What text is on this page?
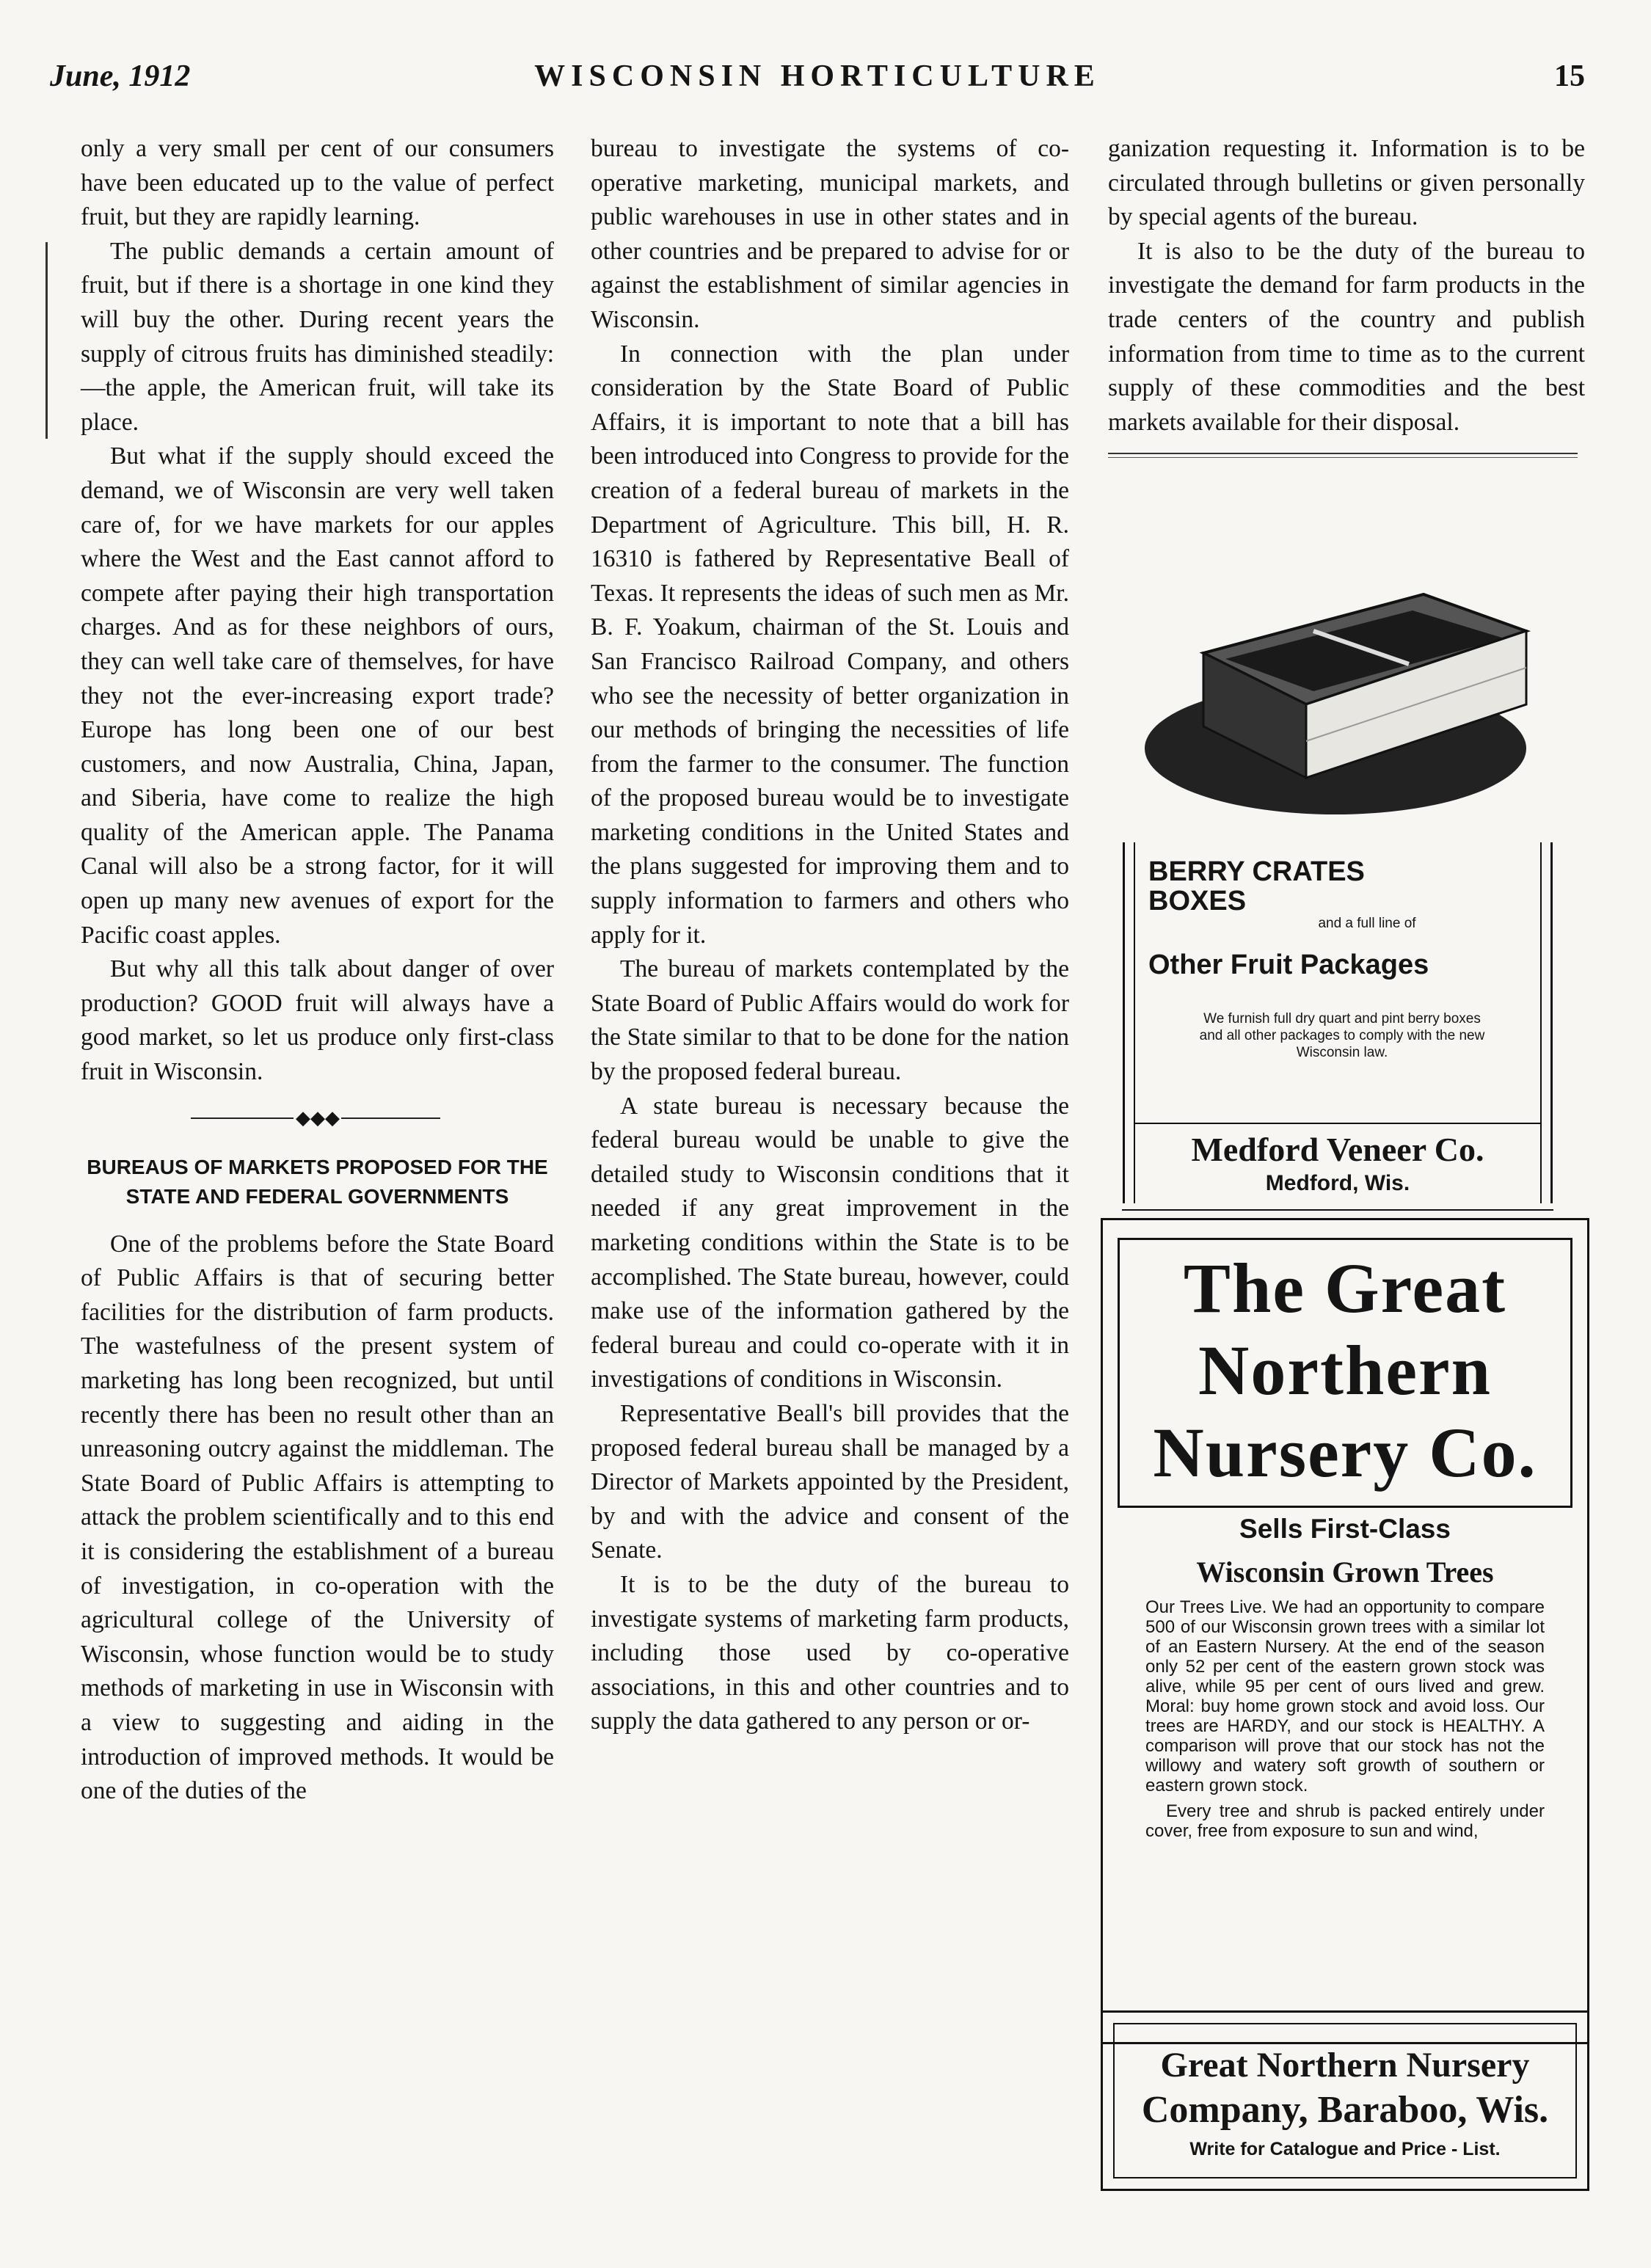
June, 1912	WISCONSIN HORTICULTURE	15

only a very small per cent of our consumers have been educated up to the value of perfect fruit, but they are rapidly learning.

The public demands a certain amount of fruit, but if there is a shortage in one kind they will buy the other. During recent years the supply of citrous fruits has diminished steadily:—the apple, the American fruit, will take its place.

But what if the supply should exceed the demand, we of Wisconsin are very well taken care of, for we have markets for our apples where the West and the East cannot afford to compete after paying their high transportation charges. And as for these neighbors of ours, they can well take care of themselves, for have they not the ever-increasing export trade? Europe has long been one of our best customers, and now Australia, China, Japan, and Siberia, have come to realize the high quality of the American apple. The Panama Canal will also be a strong factor, for it will open up many new avenues of export for the Pacific coast apples.

But why all this talk about danger of over production? GOOD fruit will always have a good market, so let us produce only first-class fruit in Wisconsin.

◆◆◆
BUREAUS OF MARKETS PROPOSED FOR THE STATE AND FEDERAL GOVERNMENTS

One of the problems before the State Board of Public Affairs is that of securing better facilities for the distribution of farm products. The wastefulness of the present system of marketing has long been recognized, but until recently there has been no result other than an unreasoning outcry against the middleman. The State Board of Public Affairs is attempting to attack the problem scientifically and to this end it is considering the establishment of a bureau of investigation, in co-operation with the agricultural college of the University of Wisconsin, whose function would be to study methods of marketing in use in Wisconsin with a view to suggesting and aiding in the introduction of improved methods. It would be one of the duties of the

bureau to investigate the systems of co-operative marketing, municipal markets, and public warehouses in use in other states and in other countries and be prepared to advise for or against the establishment of similar agencies in Wisconsin.

In connection with the plan under consideration by the State Board of Public Affairs, it is important to note that a bill has been introduced into Congress to provide for the creation of a federal bureau of markets in the Department of Agriculture. This bill, H. R. 16310 is fathered by Representative Beall of Texas. It represents the ideas of such men as Mr. B. F. Yoakum, chairman of the St. Louis and San Francisco Railroad Company, and others who see the necessity of better organization in our methods of bringing the necessities of life from the farmer to the consumer. The function of the proposed bureau would be to investigate marketing conditions in the United States and the plans suggested for improving them and to supply information to farmers and others who apply for it.

The bureau of markets contemplated by the State Board of Public Affairs would do work for the State similar to that to be done for the nation by the proposed federal bureau.

A state bureau is necessary because the federal bureau would be unable to give the detailed study to Wisconsin conditions that it needed if any great improvement in the marketing conditions within the State is to be accomplished. The State bureau, however, could make use of the information gathered by the federal bureau and could co-operate with it in investigations of conditions in Wisconsin.

Representative Beall's bill provides that the proposed federal bureau shall be managed by a Director of Markets appointed by the President, by and with the advice and consent of the Senate.

It is to be the duty of the bureau to investigate systems of marketing farm products, including those used by co-operative associations, in this and other countries and to supply the data gathered to any person or or-

ganization requesting it. Information is to be circulated through bulletins or given personally by special agents of the bureau.

It is also to be the duty of the bureau to investigate the demand for farm products in the trade centers of the country and publish information from time to time as to the current supply of these commodities and the best markets available for their disposal.

BERRY CRATES
BOXES
and a full line of
Other Fruit Packages
We furnish full dry quart and pint berry boxes and all other packages to comply with the new Wisconsin law.
Medford Veneer Co.
Medford, Wis.
The Great
Northern
Nursery Co.
Sells First-Class
Wisconsin Grown Trees

Our Trees Live. We had an opportunity to compare 500 of our Wisconsin grown trees with a similar lot of an Eastern Nursery. At the end of the season only 52 per cent of the eastern grown stock was alive, while 95 per cent of ours lived and grew. Moral: buy home grown stock and avoid loss. Our trees are HARDY, and our stock is HEALTHY. A comparison will prove that our stock has not the willowy and watery soft growth of southern or eastern grown stock.

Every tree and shrub is packed entirely under cover, free from exposure to sun and wind,

Great Northern Nursery
Company, Baraboo, Wis.
Write for Catalogue and Price - List.
